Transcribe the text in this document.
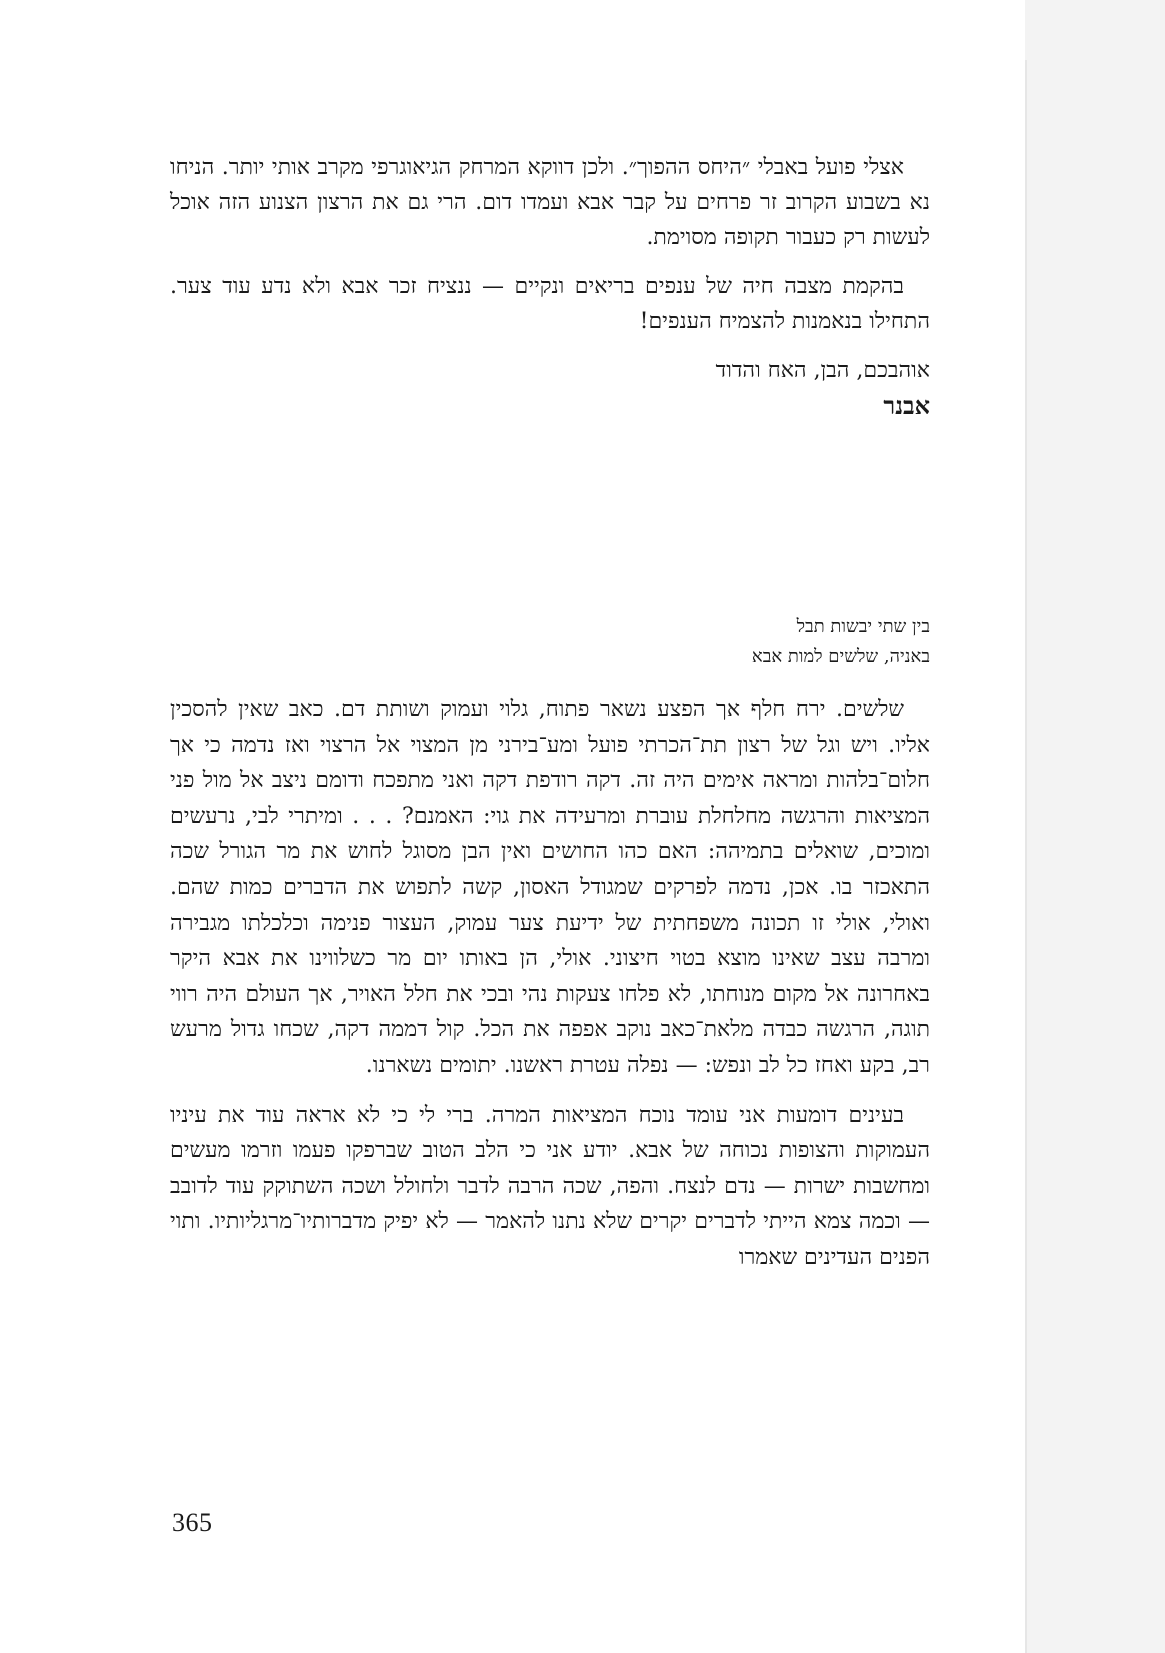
אצלי פועל באבלי ״היחס ההפוך״. ולכן דווקא המרחק הגיאוגרפי מקרב אותי יותר. הניחו נא בשבוע הקרוב זר פרחים על קבר אבא ועמדו דום. הרי גם את הרצון הצנוע הזה אוכל לעשות רק כעבור תקופה מסוימת.

בהקמת מצבה חיה של ענפים בריאים ונקיים — ננציח זכר אבא ולא נדע עוד צער. התחילו בנאמנות להצמיח הענפים!

אוהבכם, הבן, האח והדוד

אבנר

בין שתי יבשות תבל

באניה, שלשים למות אבא

שלשים. ירח חלף אך הפצע נשאר פתוח, גלוי ועמוק ושותת דם. כאב שאין להסכין אליו. ויש וגל של רצון תת־הכרתי פועל ומע־בירני מן המצוי אל הרצוי ואז נדמה כי אך חלום־בלהות ומראה אימים היה זה. דקה רודפת דקה ואני מתפכח ודומם ניצב אל מול פני המציאות והרגשה מחלחלת עוברת ומרעידה את גוי: האמנם? . . . ומיתרי לבי, נרעשים ומוכים, שואלים בתמיהה: האם כהו החושים ואין הבן מסוגל לחוש את מר הגורל שכה התאכזר בו. אכן, נדמה לפרקים שמגודל האסון, קשה לתפוש את הדברים כמות שהם. ואולי, אולי זו תכונה משפחתית של ידיעת צער עמוק, העצור פנימה וכלכלתו מגבירה ומרבה עצב שאינו מוצא בטוי חיצוני. אולי, הן באותו יום מר כשלווינו את אבא היקר באחרונה אל מקום מנוחתו, לא פלחו צעקות נהי ובכי את חלל האויר, אך העולם היה רווי תוגה, הרגשה כבדה מלאת־כאב נוקב אפפה את הכל. קול דממה דקה, שכחו גדול מרעש רב, בקע ואחז כל לב ונפש: — נפלה עטרת ראשנו. יתומים נשארנו.

בעינים דומעות אני עומד נוכח המציאות המרה. ברי לי כי לא אראה עוד את עיניו העמוקות והצופות נכוחה של אבא. יודע אני כי הלב הטוב שברפקו פעמו וזרמו מעשים ומחשבות ישרות — נדם לנצח. והפה, שכה הרבה לדבר ולחולל ושכה השתוקק עוד לדובב — וכמה צמא הייתי לדברים יקרים שלא נתנו להאמר — לא יפיק מדברותיו־מרגליותיו. ותוי הפנים העדינים שאמרו

365
